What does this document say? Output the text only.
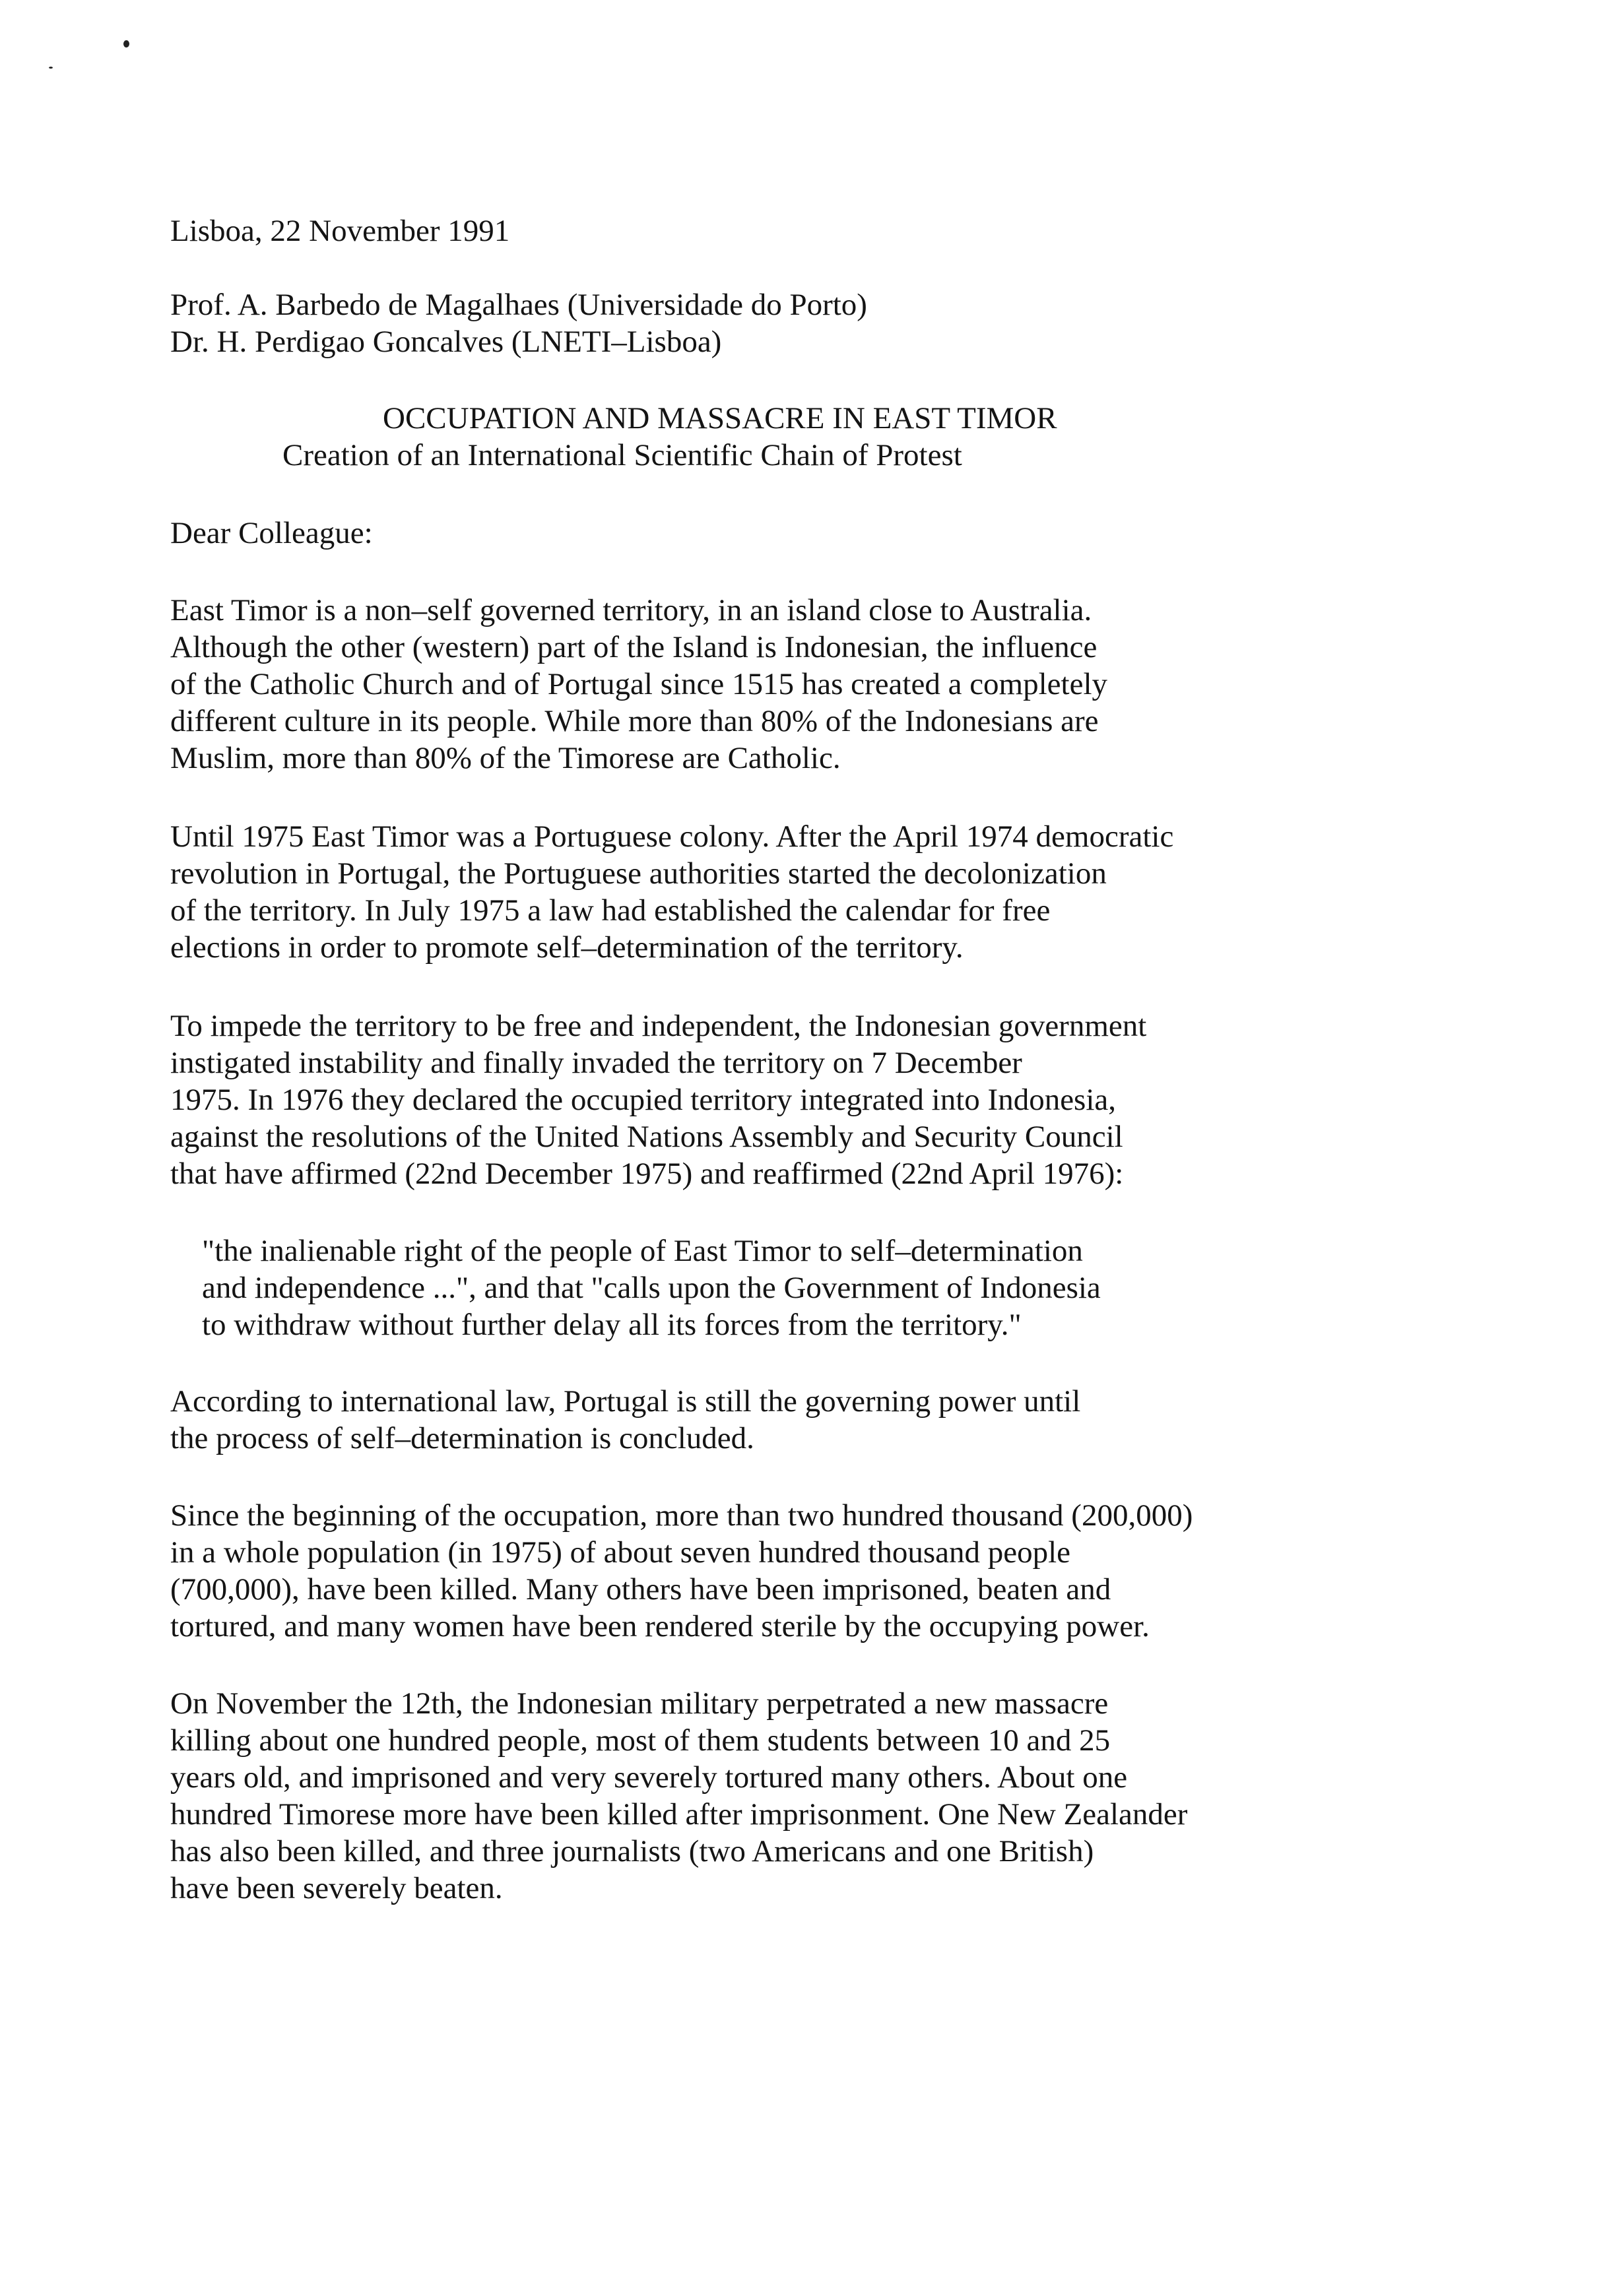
Lisboa, 22 November 1991

Prof. A. Barbedo de Magalhaes (Universidade do Porto)

Dr. H. Perdigao Goncalves (LNETI–Lisboa)

OCCUPATION AND MASSACRE IN EAST TIMOR

Creation of an International Scientific Chain of Protest

Dear Colleague:

East Timor is a non–self governed territory, in an island close to Australia.

Although the other (western) part of the Island is Indonesian, the influence

of the Catholic Church and of Portugal since 1515 has created a completely

different culture in its people. While more than 80% of the Indonesians are

Muslim, more than 80% of the Timorese are Catholic.

Until 1975 East Timor was a Portuguese colony. After the April 1974 democratic

revolution in Portugal, the Portuguese authorities started the decolonization

of the territory. In July 1975 a law had established the calendar for free

elections in order to promote self–determination of the territory.

To impede the territory to be free and independent, the Indonesian government

instigated instability and finally invaded the territory on 7 December

1975. In 1976 they declared the occupied territory integrated into Indonesia,

against the resolutions of the United Nations Assembly and Security Council

that have affirmed (22nd December 1975) and reaffirmed (22nd April 1976):

"the inalienable right of the people of East Timor to self–determination

and independence ...", and that "calls upon the Government of Indonesia

to withdraw without further delay all its forces from the territory."

According to international law, Portugal is still the governing power until

the process of self–determination is concluded.

Since the beginning of the occupation, more than two hundred thousand (200,000)

in a whole population (in 1975) of about seven hundred thousand people

(700,000), have been killed. Many others have been imprisoned, beaten and

tortured, and many women have been rendered sterile by the occupying power.

On November the 12th, the Indonesian military perpetrated a new massacre

killing about one hundred people, most of them students between 10 and 25

years old, and imprisoned and very severely tortured many others. About one

hundred Timorese more have been killed after imprisonment. One New Zealander

has also been killed, and three journalists (two Americans and one British)

have been severely beaten.
